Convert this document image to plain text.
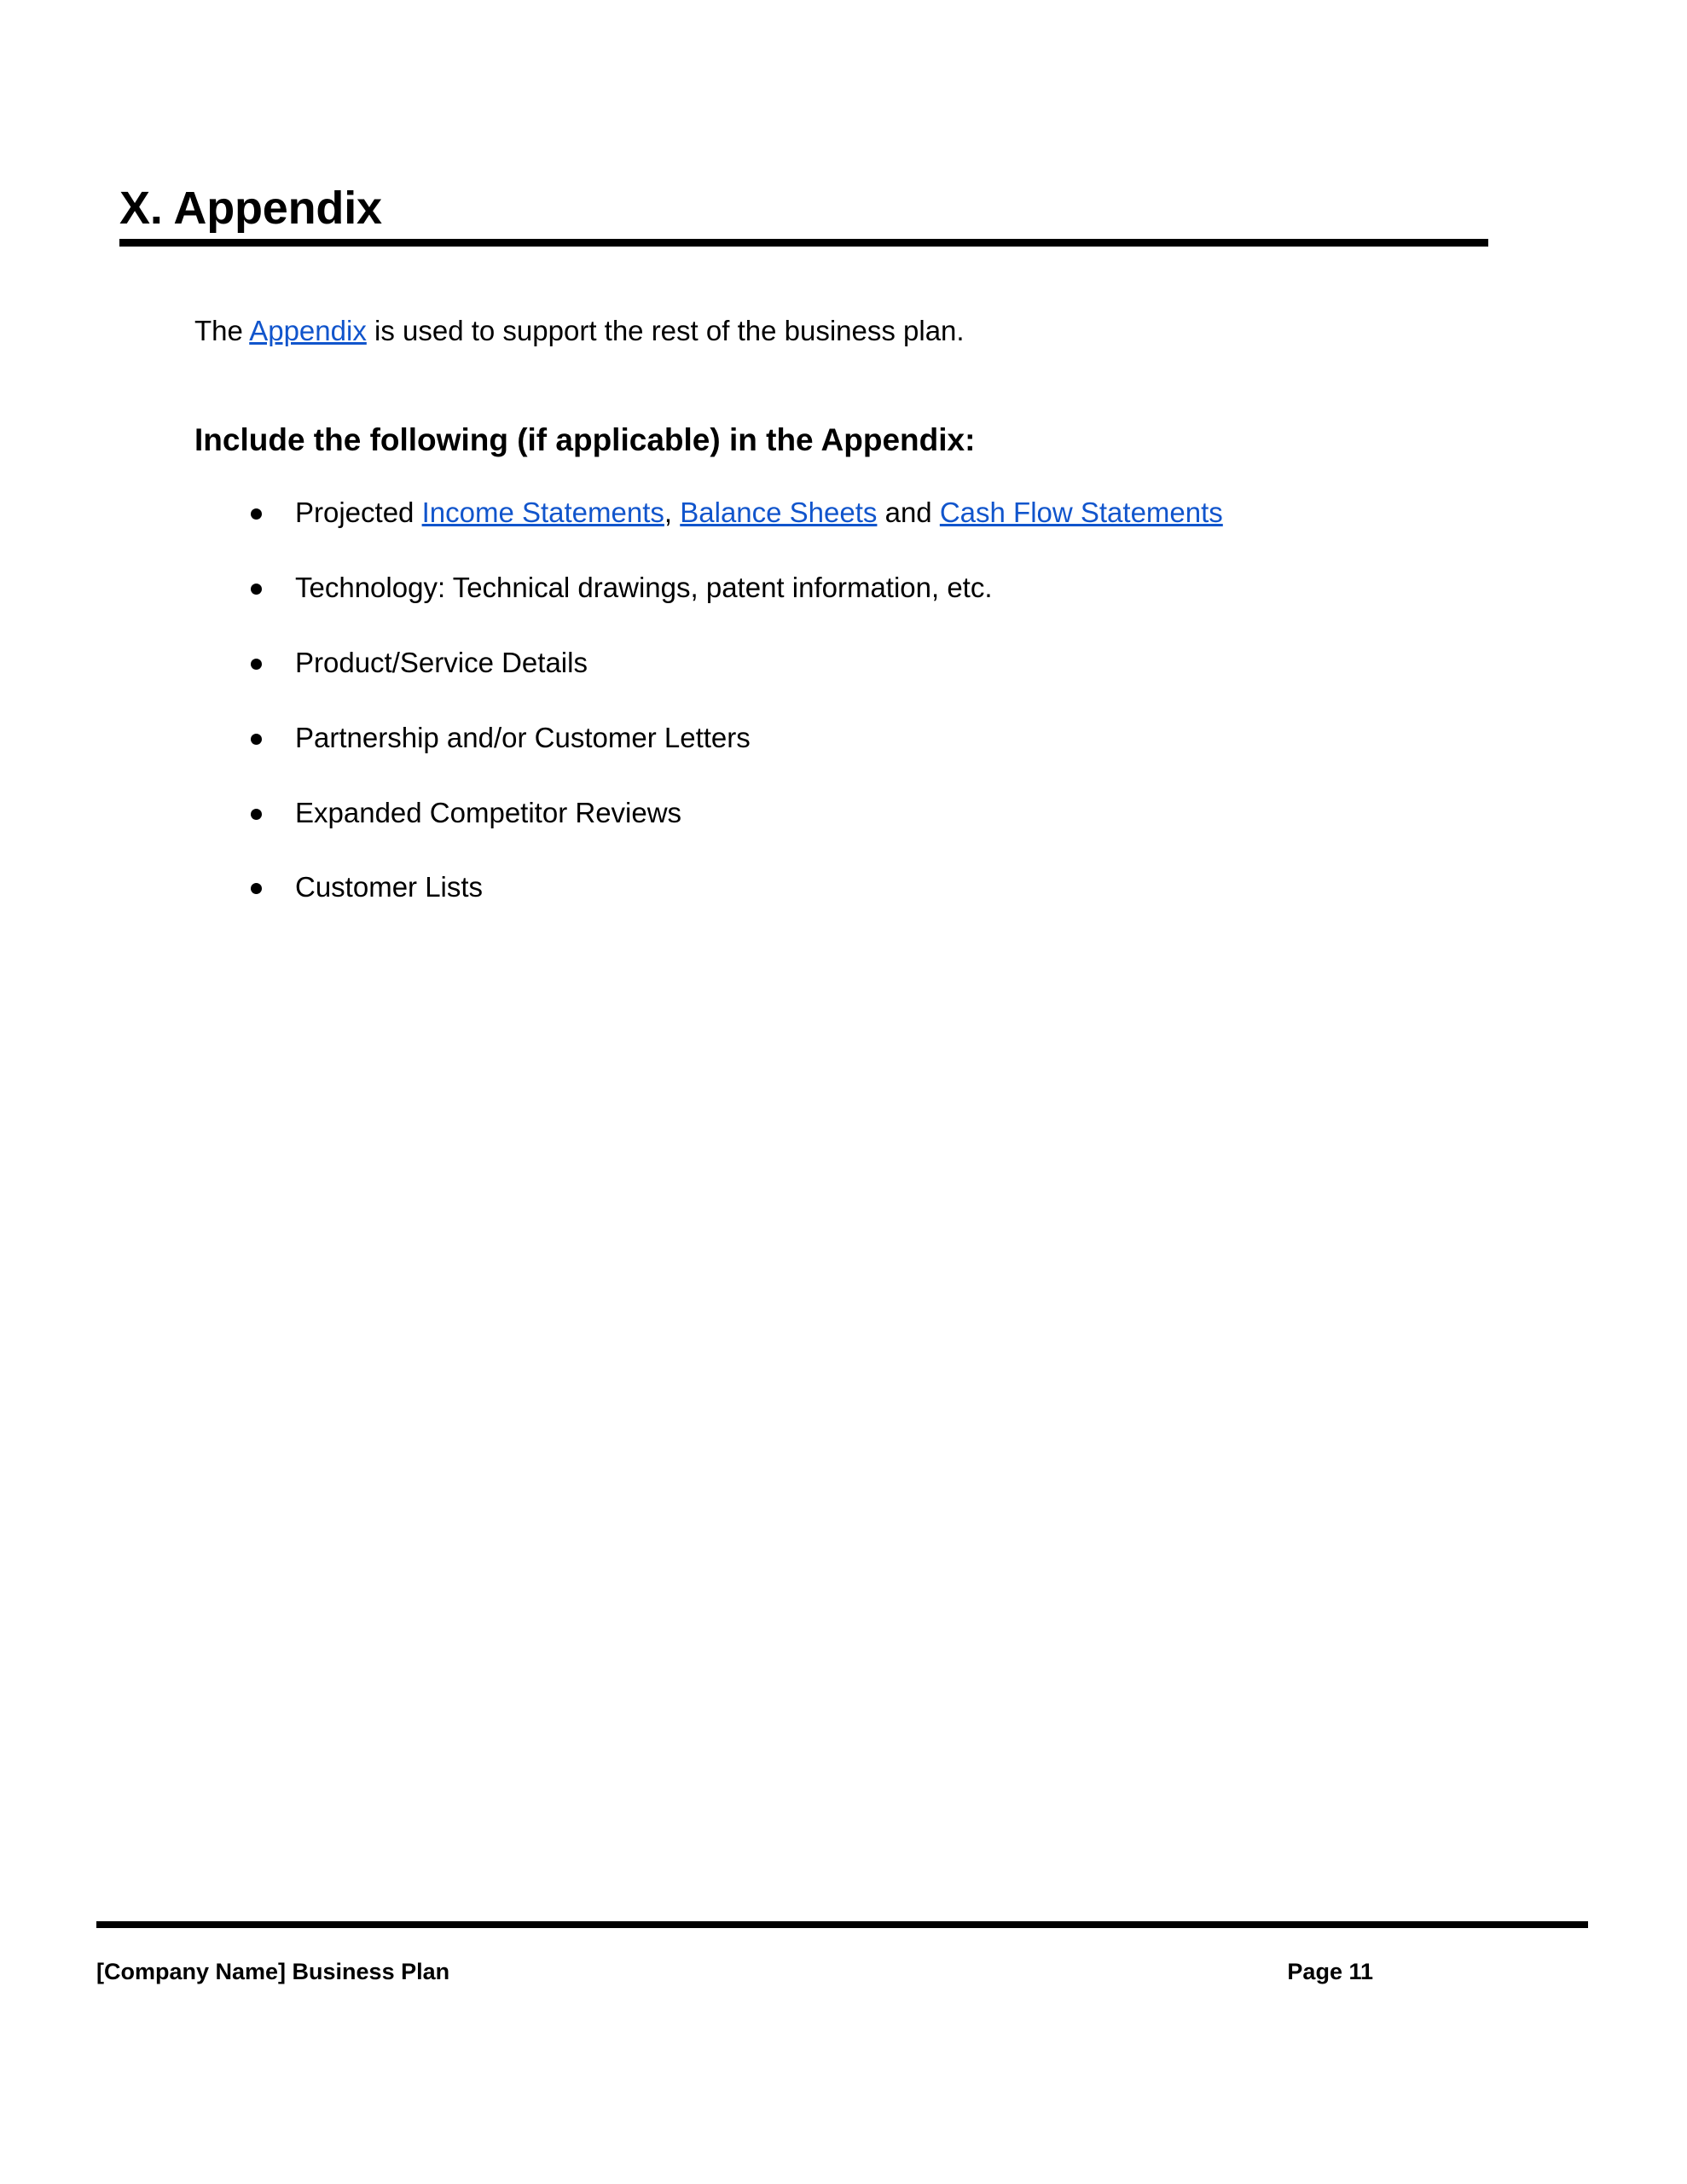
X. Appendix

The Appendix is used to support the rest of the business plan.

Include the following (if applicable) in the Appendix:
Projected Income Statements, Balance Sheets and Cash Flow Statements
Technology: Technical drawings, patent information, etc.
Product/Service Details
Partnership and/or Customer Letters
Expanded Competitor Reviews
Customer Lists
[Company Name] Business Plan	Page 11
